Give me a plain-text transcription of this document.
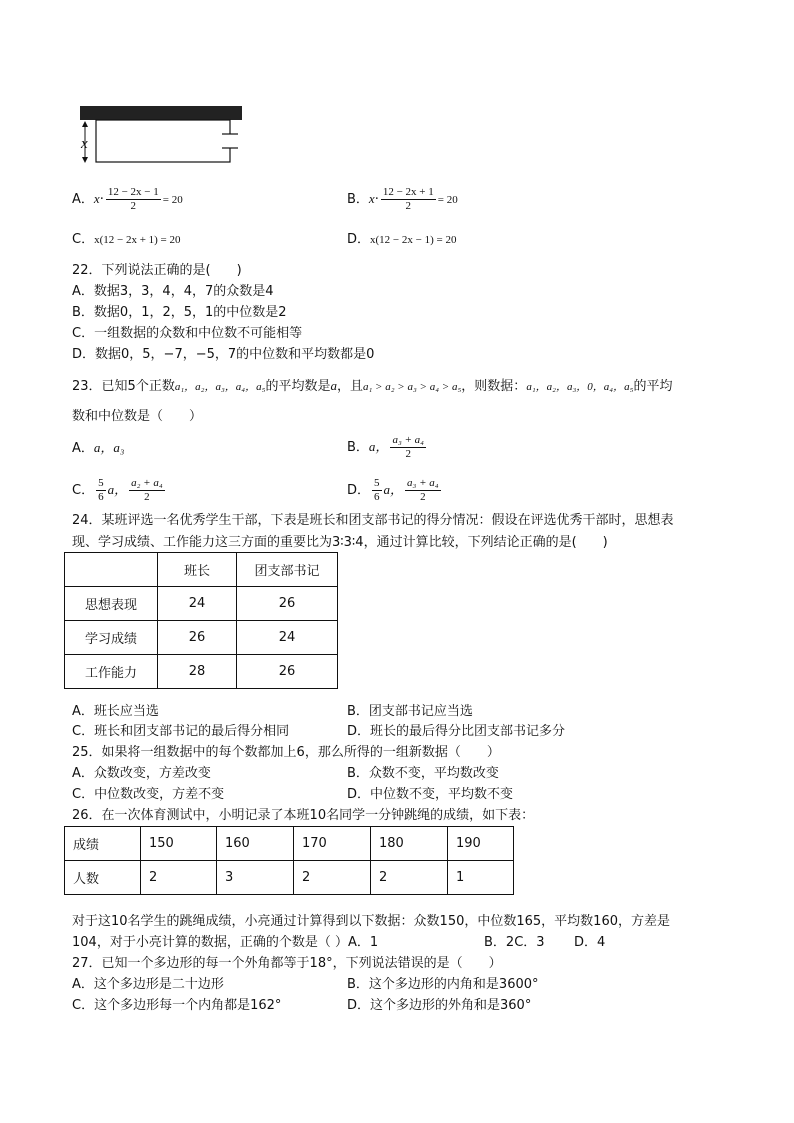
x
A．$x\cdot \frac{12 - 2x - 1}{2} = 20$	B．$x\cdot \frac{12 - 2x + 1}{2} = 20$
C．x(12 − 2x + 1) = 20	D．x(12 − 2x − 1) = 20
22．下列说法正确的是(　　)
A．数据3，3，4，4，7的众数是4
B．数据0，1，2，5，1的中位数是2
C．一组数据的众数和中位数不可能相等
D．数据0，5，−7，−5，7的中位数和平均数都是0
23．已知5个正数a₁，a₂，a₃，a₄，a₅的平均数是a，且a₁ > a₂ > a₃ > a₄ > a₅，则数据：a₁，a₂，a₃，0，a₄，a₅的平均
数和中位数是（　　）
A．a，a₃	B．a， $\frac{\text{a₃ + a₄}}{2}$
C． $\frac{5}{6}$ a， $\frac{\text{a₂ + a₄}}{2}$	D． $\frac{5}{6}$ a， $\frac{\text{a₃ + a₄}}{2}$
24．某班评选一名优秀学生干部，下表是班长和团支部书记的得分情况：假设在评选优秀干部时，思想表
现、学习成绩、工作能力这三方面的重要比为3∶3∶4，通过计算比较，下列结论正确的是(　　)
	班长	团支部书记
思想表现	24	26
学习成绩	26	24
工作能力	28	26
A．班长应当选	B．团支部书记应当选
C．班长和团支部书记的最后得分相同	D．班长的最后得分比团支部书记多分
25．如果将一组数据中的每个数都加上6，那么所得的一组新数据（　　）
A．众数改变，方差改变	B．众数不变，平均数改变
C．中位数改变，方差不变	D．中位数不变，平均数不变
26．在一次体育测试中，小明记录了本班10名同学一分钟跳绳的成绩，如下表：
成绩	150	160	170	180	190
人数	2	3	2	2	1
对于这10名学生的跳绳成绩，小亮通过计算得到以下数据：众数150，中位数165，平均数160，方差是
104，对于小亮计算的数据，正确的个数是（ ）A．1	B．2C．3 D．4
27．已知一个多边形的每一个外角都等于18°，下列说法错误的是（　　）
A．这个多边形是二十边形	B．这个多边形的内角和是3600°
C．这个多边形每一个内角都是162°	D．这个多边形的外角和是360°
